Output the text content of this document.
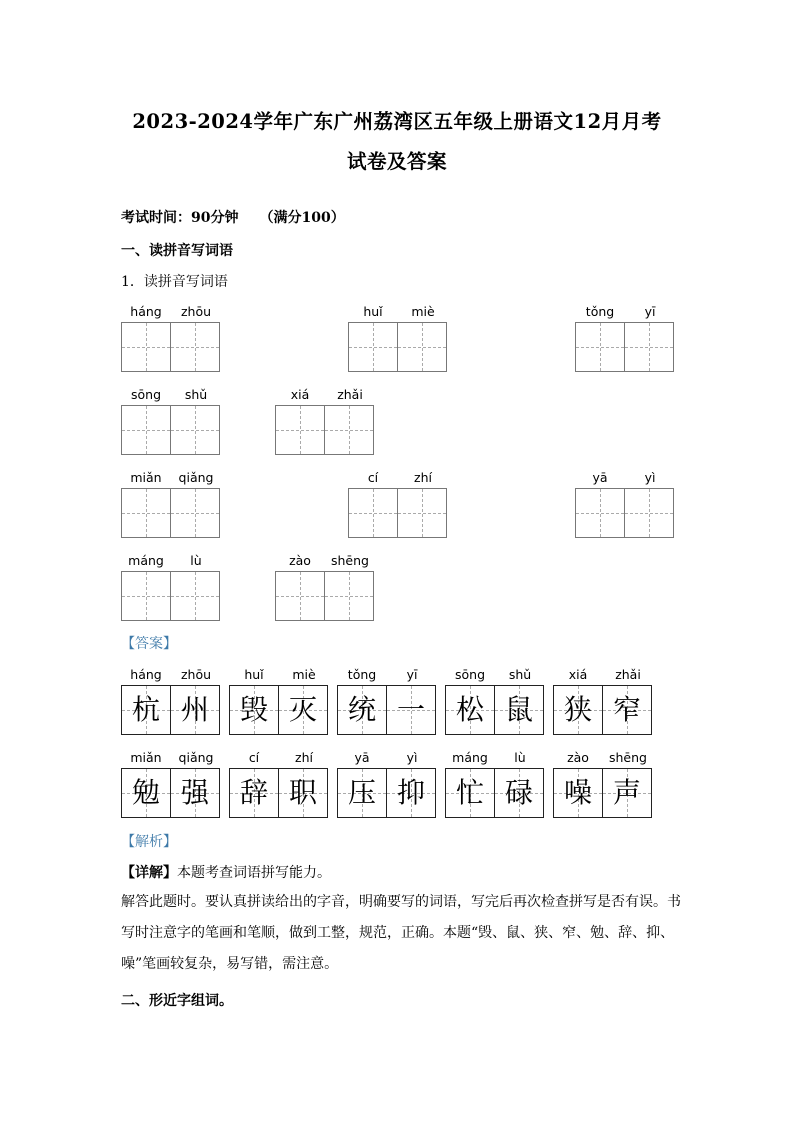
2023-2024学年广东广州荔湾区五年级上册语文12月月考
试卷及答案
考试时间：90分钟　　（满分100）
一、读拼音写词语
1．读拼音写词语
háng	zhōu	huǐ	miè	tǒng	yī
sōng	shǔ	xiá	zhǎi
miǎn	qiǎng	cí	zhí	yā	yì
máng	lù	zào	shēng
【答案】
háng	zhōu
杭 州
huǐ	miè
毁 灭
tǒng	yī
统 一
sōng	shǔ
松 鼠
xiá	zhǎi
狭 窄
miǎn	qiǎng
勉 强
cí	zhí
辞 职
yā	yì
压 抑
máng	lù
忙 碌
zào	shēng
噪 声
【解析】
【详解】本题考查词语拼写能力。
解答此题时。要认真拼读给出的字音，明确要写的词语，写完后再次检查拼写是否有误。书写时注意字的笔画和笔顺，做到工整，规范，正确。本题“毁、鼠、狭、窄、勉、辞、抑、噪”笔画较复杂，易写错，需注意。
二、形近字组词。
